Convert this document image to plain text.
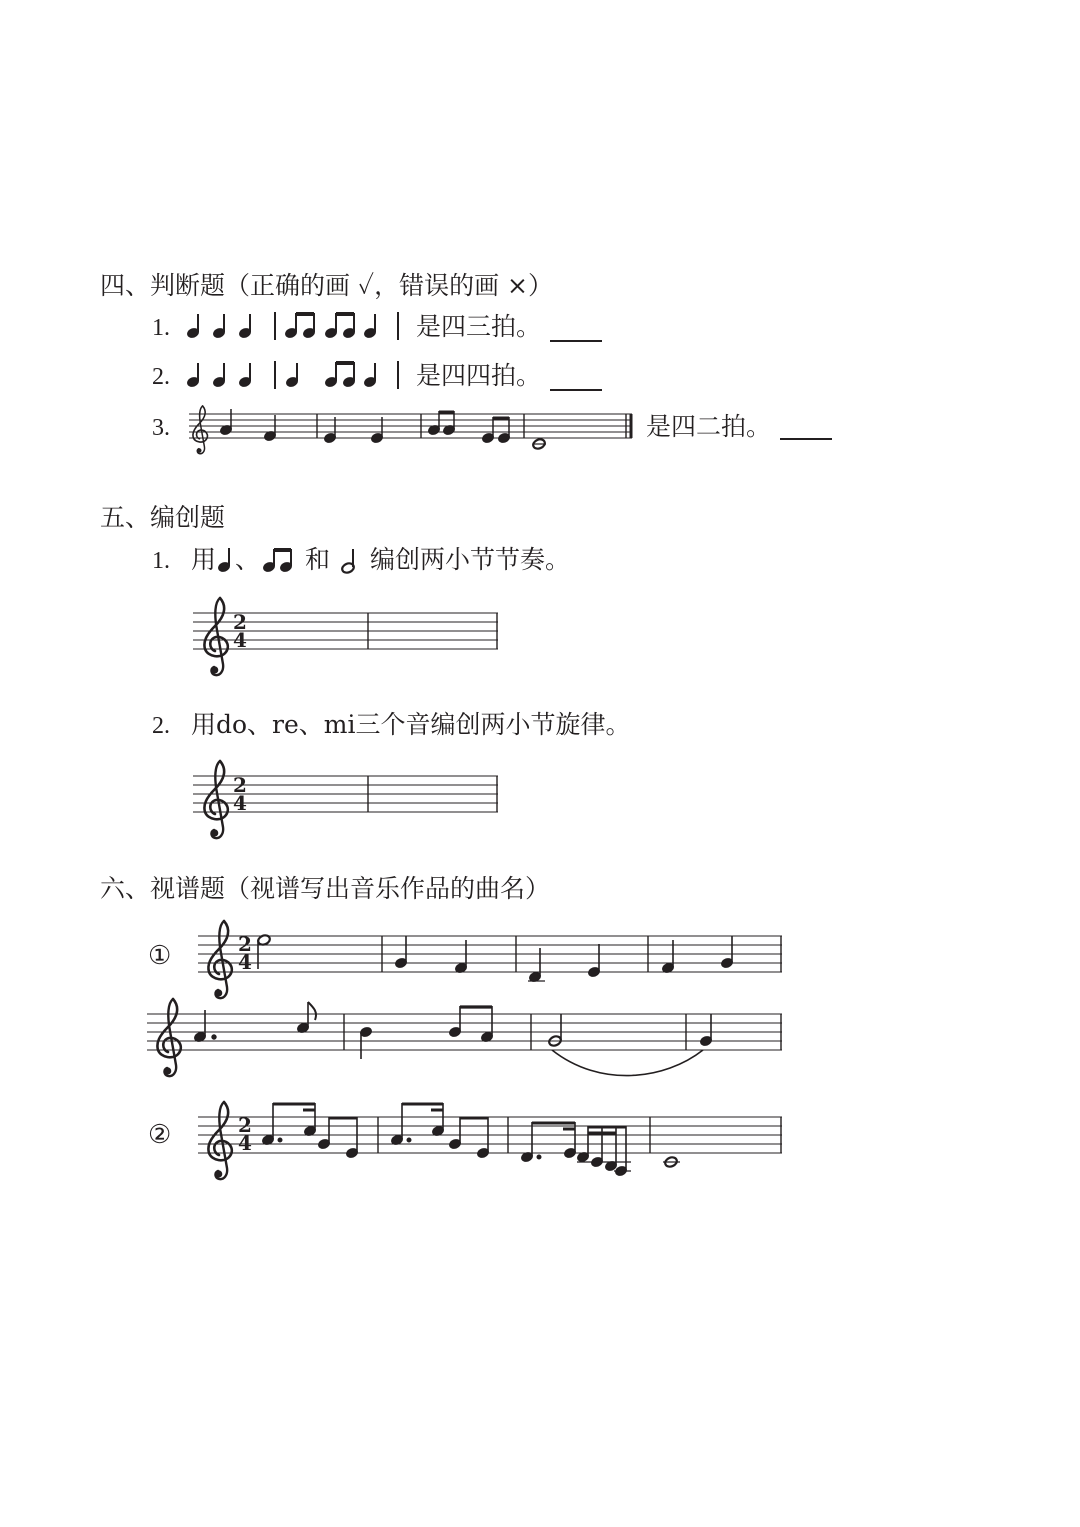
四、判断题（正确的画 ✓，错误的画 ×）
1.	是四三拍。
2.	是四四拍。
3.	是四二拍。
五、编创题
1. 用 、 和 编创两小节节奏。
2. 用do、re、mi三个音编创两小节旋律。
六、视谱题（视谱写出音乐作品的曲名）
①
②
2
4
2
4
2
4
2
4
